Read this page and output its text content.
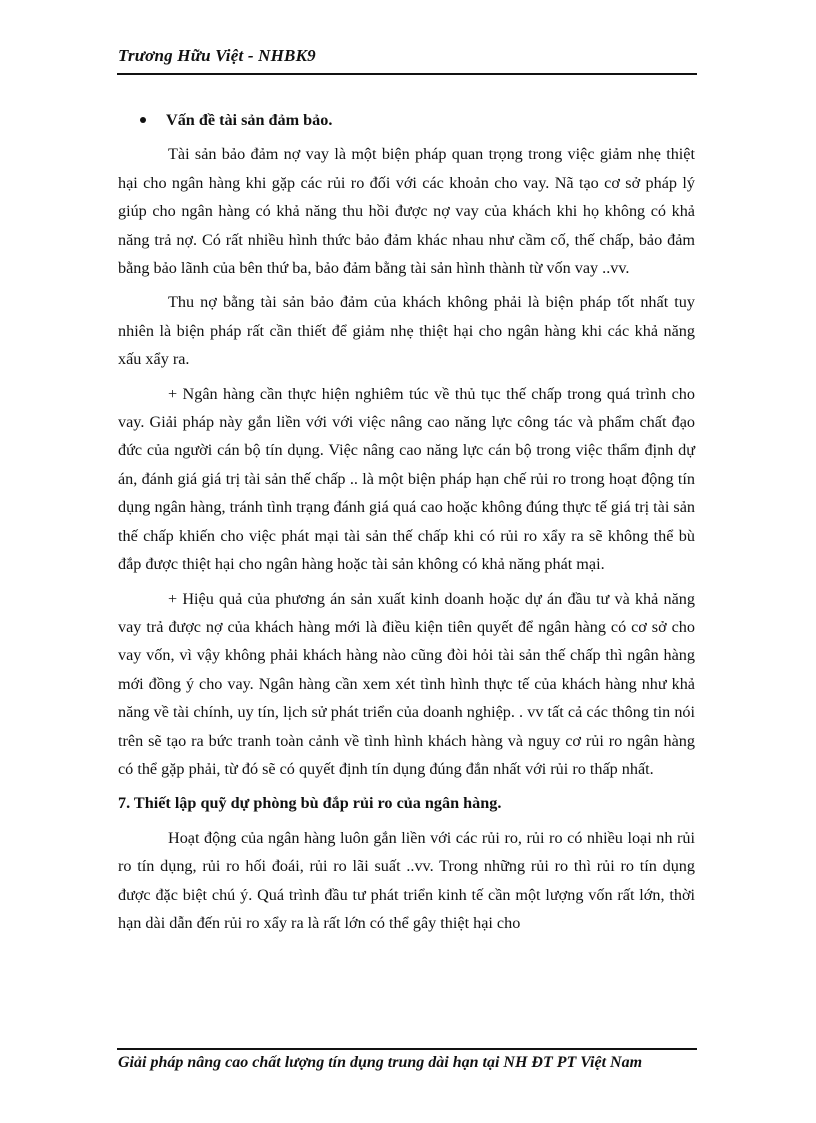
Trương Hữu Việt - NHBK9

Vấn đề tài sản đảm bảo.

Tài sản bảo đảm nợ vay là một biện pháp quan trọng trong việc giảm nhẹ thiệt hại cho ngân hàng khi gặp các rủi ro đối với các khoản cho vay. Nã tạo cơ sở pháp lý giúp cho ngân hàng có khả năng thu hồi được nợ vay của khách khi họ không có khả năng trả nợ. Có rất nhiều hình thức bảo đảm khác nhau như cầm cố, thế chấp, bảo đảm bằng bảo lãnh của bên thứ ba, bảo đảm bằng tài sản hình thành từ vốn vay ..vv.

Thu nợ bằng tài sản bảo đảm của khách không phải là biện pháp tốt nhất tuy nhiên là biện pháp rất cần thiết để giảm nhẹ thiệt hại cho ngân hàng khi các khả năng xấu xẩy ra.

+ Ngân hàng cần thực hiện nghiêm túc về thủ tục thế chấp trong quá trình cho vay. Giải pháp này gắn liền với với việc nâng cao năng lực công tác và phẩm chất đạo đức của người cán bộ tín dụng. Việc nâng cao năng lực cán bộ trong việc thẩm định dự án, đánh giá giá trị tài sản thế chấp .. là một biện pháp hạn chế rủi ro trong hoạt động tín dụng ngân hàng, tránh tình trạng đánh giá quá cao hoặc không đúng thực tế giá trị tài sản thế chấp khiến cho việc phát mại tài sản thế chấp khi có rủi ro xẩy ra sẽ không thể bù đắp được thiệt hại cho ngân hàng hoặc tài sản không có khả năng phát mại.

+ Hiệu quả của phương án sản xuất kinh doanh hoặc dự án đầu tư và khả năng vay trả được nợ của khách hàng mới là điều kiện tiên quyết để ngân hàng có cơ sở cho vay vốn, vì vậy không phải khách hàng nào cũng đòi hỏi tài sản thế chấp thì ngân hàng mới đồng ý cho vay. Ngân hàng cần xem xét tình hình thực tế của khách hàng như khả năng về tài chính, uy tín, lịch sử phát triển của doanh nghiệp. . vv tất cả các thông tin nói trên sẽ tạo ra bức tranh toàn cảnh về tình hình khách hàng và nguy cơ rủi ro ngân hàng có thể gặp phải, từ đó sẽ có quyết định tín dụng đúng đắn nhất với rủi ro thấp nhất.

7. Thiết lập quỹ dự phòng bù đắp rủi ro của ngân hàng.

Hoạt động của ngân hàng luôn gắn liền với các rủi ro, rủi ro có nhiều loại nh rủi ro tín dụng, rủi ro hối đoái, rủi ro lãi suất ..vv. Trong những rủi ro thì rủi ro tín dụng được đặc biệt chú ý. Quá trình đầu tư phát triển kinh tế cần một lượng vốn rất lớn, thời hạn dài dẫn đến rủi ro xẩy ra là rất lớn có thể gây thiệt hại cho

Giải pháp nâng cao chất lượng tín dụng trung dài hạn tại NH ĐT PT Việt Nam
